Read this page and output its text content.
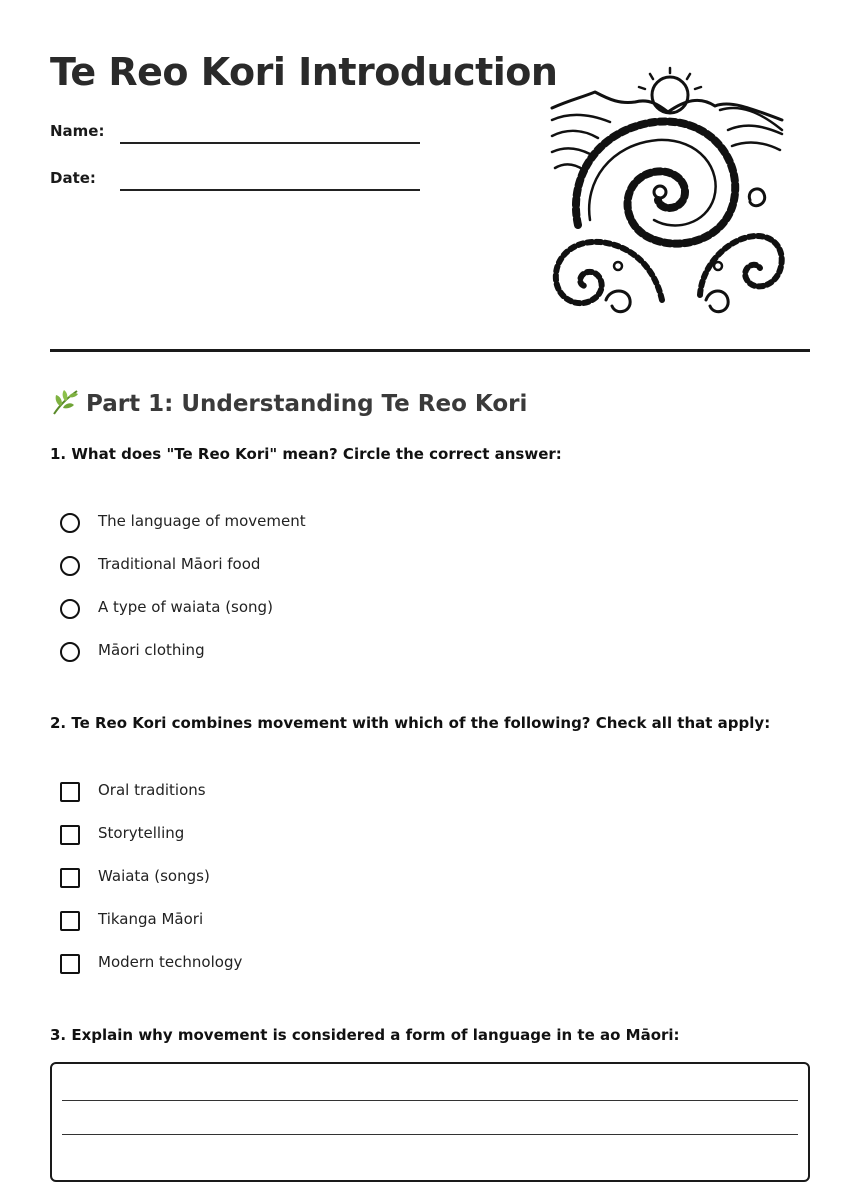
Te Reo Kori Introduction
Name:
Date:
Part 1: Understanding Te Reo Kori
1. What does "Te Reo Kori" mean? Circle the correct answer:
The language of movement
Traditional Māori food
A type of waiata (song)
Māori clothing
2. Te Reo Kori combines movement with which of the following? Check all that apply:
Oral traditions
Storytelling
Waiata (songs)
Tikanga Māori
Modern technology
3. Explain why movement is considered a form of language in te ao Māori:
